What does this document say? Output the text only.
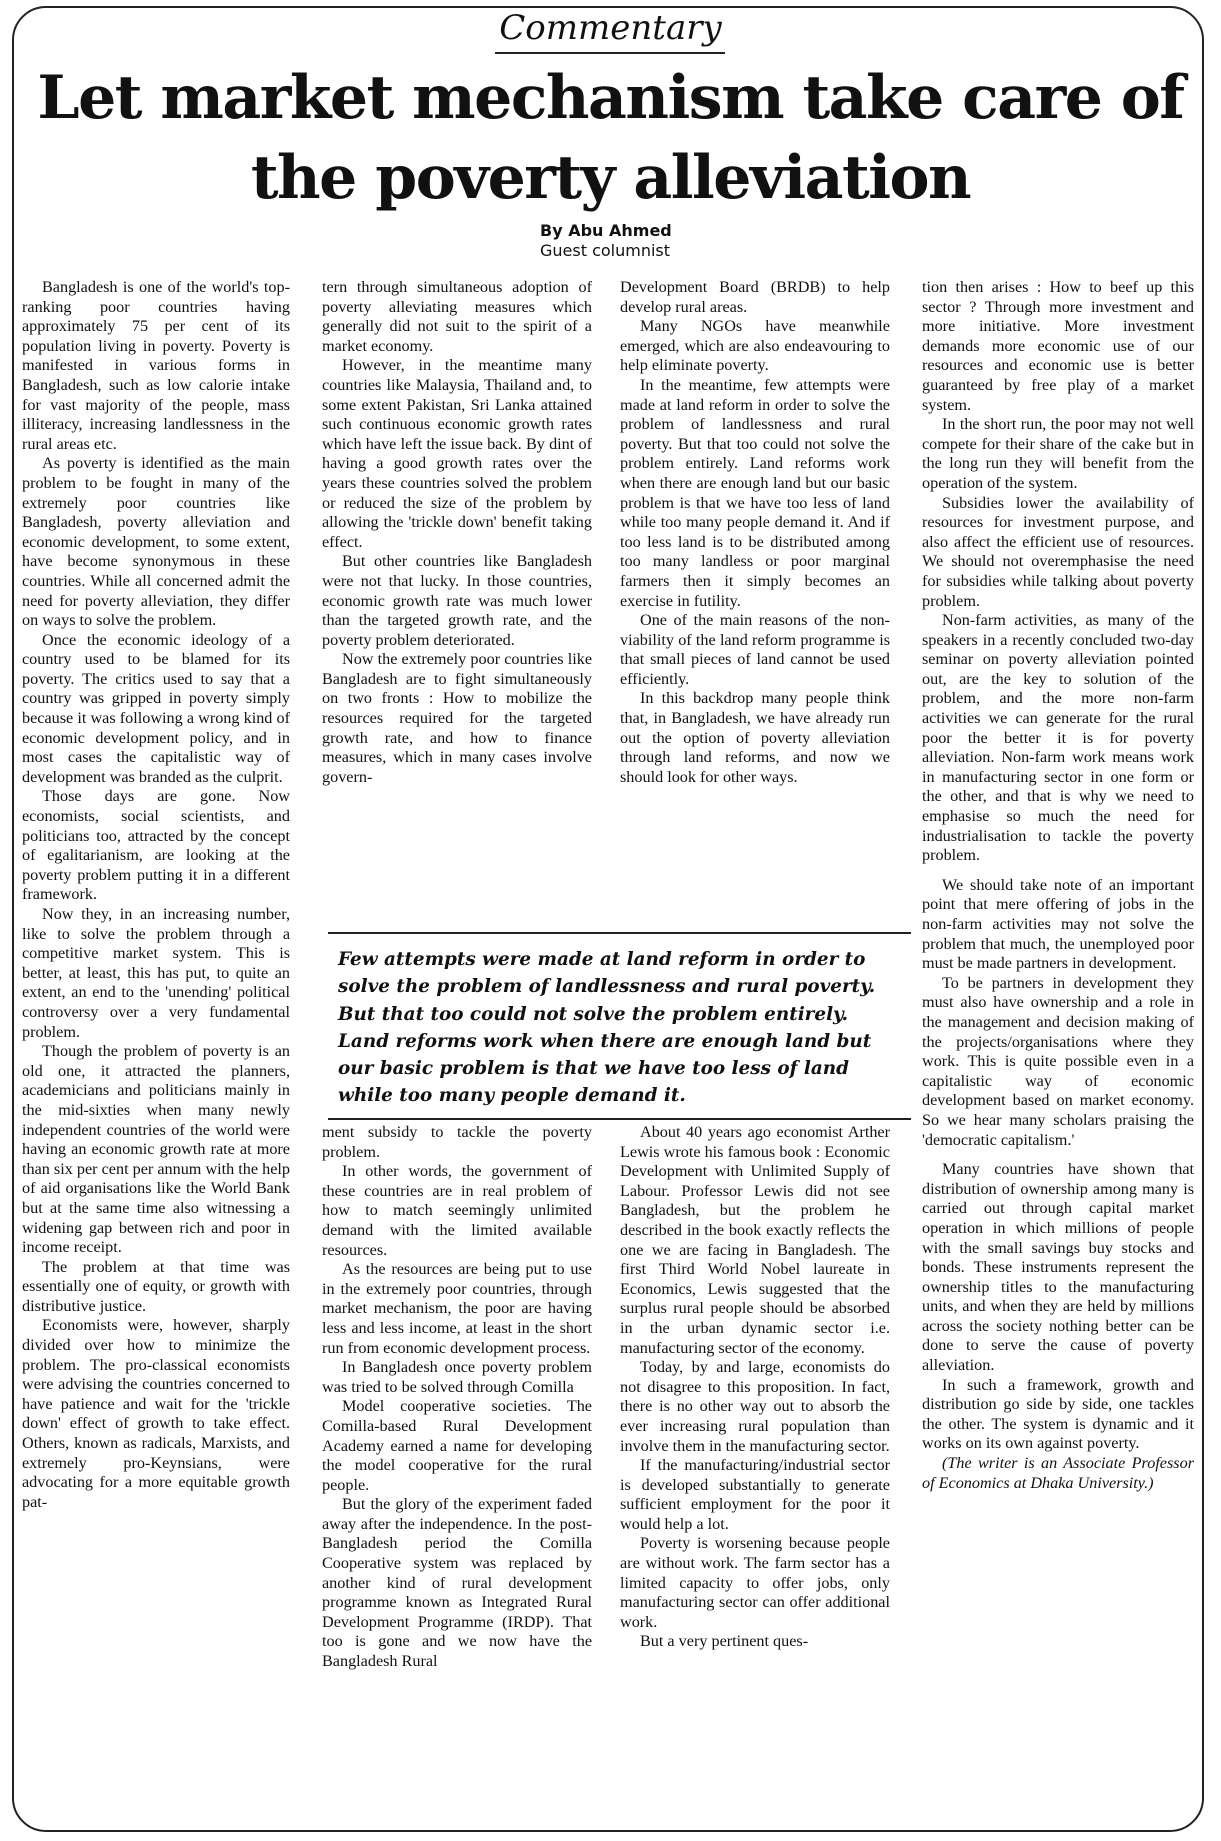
Commentary
Let market mechanism take care of
the poverty alleviation
By Abu Ahmed
Guest columnist

Bangladesh is one of the world's top-ranking poor countries having approximately 75 per cent of its population living in poverty. Poverty is manifested in various forms in Bangladesh, such as low calorie intake for vast majority of the people, mass illiteracy, increasing landlessness in the rural areas etc.

As poverty is identified as the main problem to be fought in many of the extremely poor countries like Bangladesh, poverty alleviation and economic development, to some extent, have become synonymous in these countries. While all concerned admit the need for poverty alleviation, they differ on ways to solve the problem.

Once the economic ideology of a country used to be blamed for its poverty. The critics used to say that a country was gripped in poverty simply because it was following a wrong kind of economic development policy, and in most cases the capitalistic way of development was branded as the culprit.

Those days are gone. Now economists, social scientists, and politicians too, attracted by the concept of egalitarianism, are looking at the poverty problem putting it in a different framework.

Now they, in an increasing number, like to solve the problem through a competitive market system. This is better, at least, this has put, to quite an extent, an end to the 'unending' political controversy over a very fundamental problem.

Though the problem of poverty is an old one, it attracted the planners, academicians and politicians mainly in the mid-sixties when many newly independent countries of the world were having an economic growth rate at more than six per cent per annum with the help of aid organisations like the World Bank but at the same time also witnessing a widening gap between rich and poor in income receipt.

The problem at that time was essentially one of equity, or growth with distributive justice.

Economists were, however, sharply divided over how to minimize the problem. The pro-classical economists were advising the countries concerned to have patience and wait for the 'trickle down' effect of growth to take effect. Others, known as radicals, Marxists, and extremely pro-Keynsians, were advocating for a more equitable growth pat-

tern through simultaneous adoption of poverty alleviating measures which generally did not suit to the spirit of a market economy.

However, in the meantime many countries like Malaysia, Thailand and, to some extent Pakistan, Sri Lanka attained such continuous economic growth rates which have left the issue back. By dint of having a good growth rates over the years these countries solved the problem or reduced the size of the problem by allowing the 'trickle down' benefit taking effect.

But other countries like Bangladesh were not that lucky. In those countries, economic growth rate was much lower than the targeted growth rate, and the poverty problem deteriorated.

Now the extremely poor countries like Bangladesh are to fight simultaneously on two fronts : How to mobilize the resources required for the targeted growth rate, and how to finance measures, which in many cases involve govern-

Development Board (BRDB) to help develop rural areas.

Many NGOs have meanwhile emerged, which are also endeavouring to help eliminate poverty.

In the meantime, few attempts were made at land reform in order to solve the problem of landlessness and rural poverty. But that too could not solve the problem entirely. Land reforms work when there are enough land but our basic problem is that we have too less of land while too many people demand it. And if too less land is to be distributed among too many landless or poor marginal farmers then it simply becomes an exercise in futility.

One of the main reasons of the non-viability of the land reform programme is that small pieces of land cannot be used efficiently.

In this backdrop many people think that, in Bangladesh, we have already run out the option of poverty alleviation through land reforms, and now we should look for other ways.

Few attempts were made at land reform in order to solve the problem of landlessness and rural poverty. But that too could not solve the problem entirely. Land reforms work when there are enough land but our basic problem is that we have too less of land while too many people demand it.

ment subsidy to tackle the poverty problem.

In other words, the government of these countries are in real problem of how to match seemingly unlimited demand with the limited available resources.

As the resources are being put to use in the extremely poor countries, through market mechanism, the poor are having less and less income, at least in the short run from economic development process.

In Bangladesh once poverty problem was tried to be solved through Comilla

Model cooperative societies. The Comilla-based Rural Development Academy earned a name for developing the model cooperative for the rural people.

But the glory of the experiment faded away after the independence. In the post-Bangladesh period the Comilla Cooperative system was replaced by another kind of rural development programme known as Integrated Rural Development Programme (IRDP). That too is gone and we now have the Bangladesh Rural

About 40 years ago economist Arther Lewis wrote his famous book : Economic Development with Unlimited Supply of Labour. Professor Lewis did not see Bangladesh, but the problem he described in the book exactly reflects the one we are facing in Bangladesh. The first Third World Nobel laureate in Economics, Lewis suggested that the surplus rural people should be absorbed in the urban dynamic sector i.e. manufacturing sector of the economy.

Today, by and large, economists do not disagree to this proposition. In fact, there is no other way out to absorb the ever increasing rural population than involve them in the manufacturing sector.

If the manufacturing/industrial sector is developed substantially to generate sufficient employment for the poor it would help a lot.

Poverty is worsening because people are without work. The farm sector has a limited capacity to offer jobs, only manufacturing sector can offer additional work.

But a very pertinent ques-

tion then arises : How to beef up this sector ? Through more investment and more initiative. More investment demands more economic use of our resources and economic use is better guaranteed by free play of a market system.

In the short run, the poor may not well compete for their share of the cake but in the long run they will benefit from the operation of the system.

Subsidies lower the availability of resources for investment purpose, and also affect the efficient use of resources. We should not overemphasise the need for subsidies while talking about poverty problem.

Non-farm activities, as many of the speakers in a recently concluded two-day seminar on poverty alleviation pointed out, are the key to solution of the problem, and the more non-farm activities we can generate for the rural poor the better it is for poverty alleviation. Non-farm work means work in manufacturing sector in one form or the other, and that is why we need to emphasise so much the need for industrialisation to tackle the poverty problem.

We should take note of an important point that mere offering of jobs in the non-farm activities may not solve the problem that much, the unemployed poor must be made partners in development.

To be partners in development they must also have ownership and a role in the management and decision making of the projects/organisations where they work. This is quite possible even in a capitalistic way of economic development based on market economy. So we hear many scholars praising the 'democratic capitalism.'

Many countries have shown that distribution of ownership among many is carried out through capital market operation in which millions of people with the small savings buy stocks and bonds. These instruments represent the ownership titles to the manufacturing units, and when they are held by millions across the society nothing better can be done to serve the cause of poverty alleviation.

In such a framework, growth and distribution go side by side, one tackles the other. The system is dynamic and it works on its own against poverty.

(The writer is an Associate Professor of Economics at Dhaka University.)
